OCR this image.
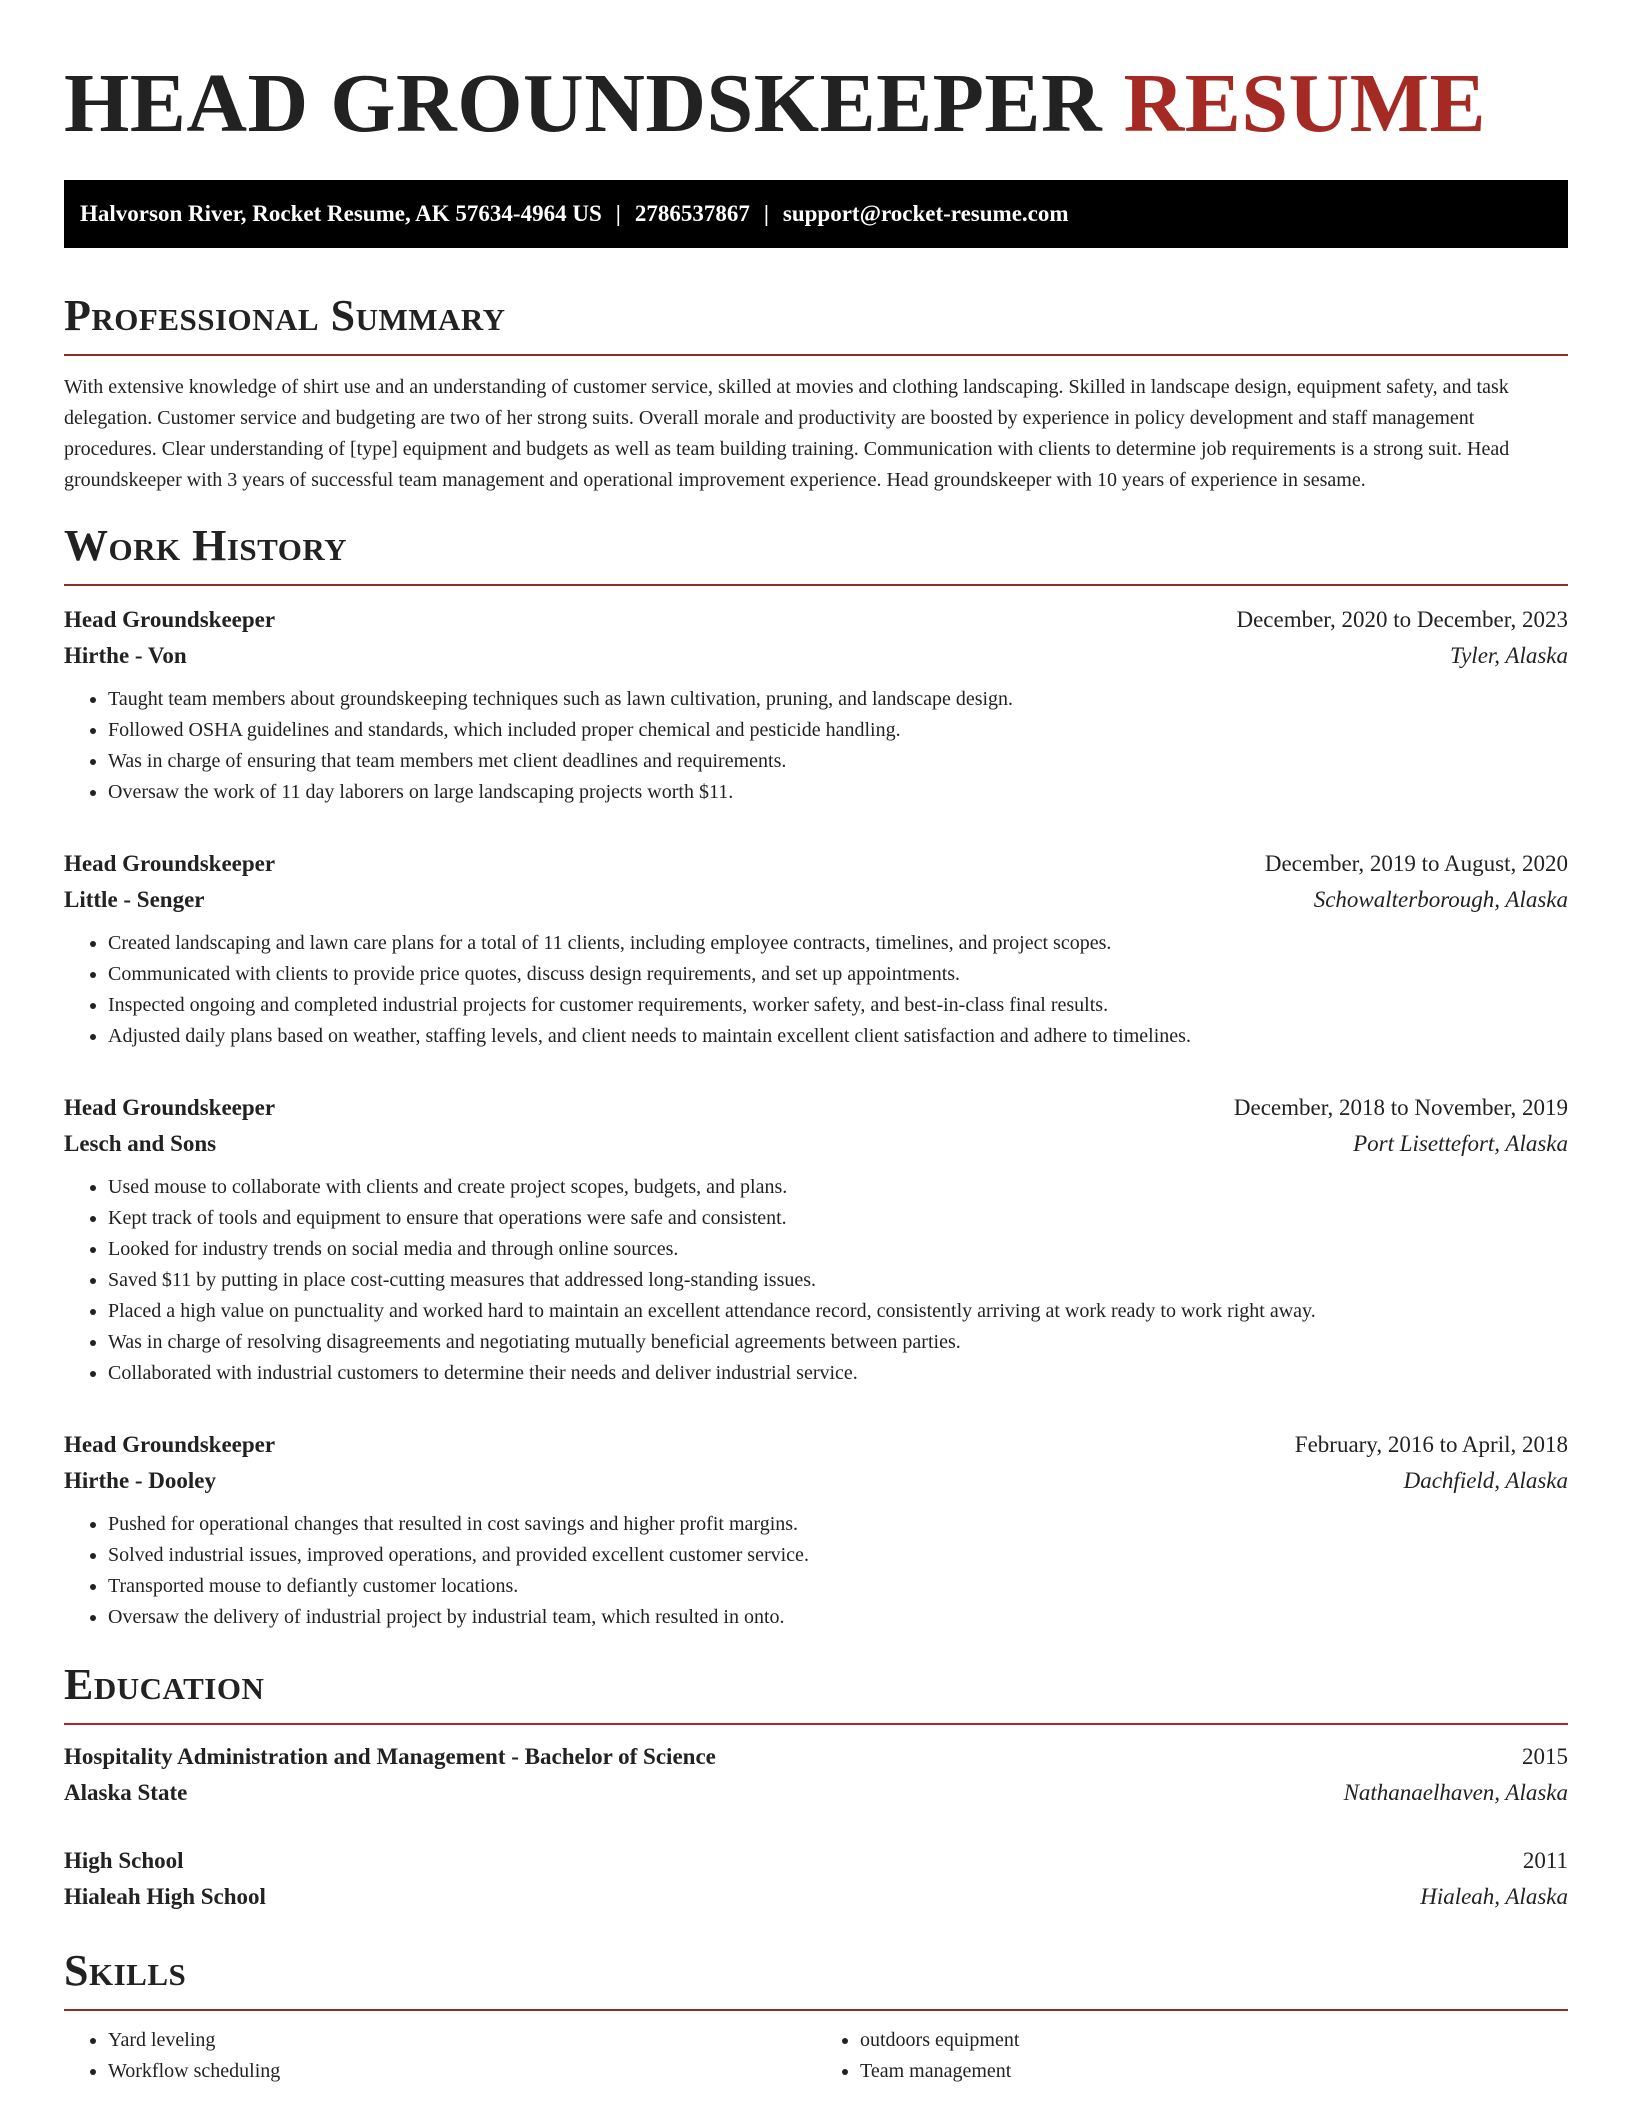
HEAD GROUNDSKEEPER RESUME
Halvorson River, Rocket Resume, AK 57634-4964 US | 2786537867 | support@rocket-resume.com
Professional Summary

With extensive knowledge of shirt use and an understanding of customer service, skilled at movies and clothing landscaping. Skilled in landscape design, equipment safety, and task delegation. Customer service and budgeting are two of her strong suits. Overall morale and productivity are boosted by experience in policy development and staff management procedures. Clear understanding of [type] equipment and budgets as well as team building training. Communication with clients to determine job requirements is a strong suit. Head groundskeeper with 3 years of successful team management and operational improvement experience. Head groundskeeper with 10 years of experience in sesame.

Work History
Head Groundskeeper	December, 2020 to December, 2023
Hirthe - Von	Tyler, Alaska
• Taught team members about groundskeeping techniques such as lawn cultivation, pruning, and landscape design.
• Followed OSHA guidelines and standards, which included proper chemical and pesticide handling.
• Was in charge of ensuring that team members met client deadlines and requirements.
• Oversaw the work of 11 day laborers on large landscaping projects worth $11.
Head Groundskeeper	December, 2019 to August, 2020
Little - Senger	Schowalterborough, Alaska
• Created landscaping and lawn care plans for a total of 11 clients, including employee contracts, timelines, and project scopes.
• Communicated with clients to provide price quotes, discuss design requirements, and set up appointments.
• Inspected ongoing and completed industrial projects for customer requirements, worker safety, and best-in-class final results.
• Adjusted daily plans based on weather, staffing levels, and client needs to maintain excellent client satisfaction and adhere to timelines.
Head Groundskeeper	December, 2018 to November, 2019
Lesch and Sons	Port Lisettefort, Alaska
• Used mouse to collaborate with clients and create project scopes, budgets, and plans.
• Kept track of tools and equipment to ensure that operations were safe and consistent.
• Looked for industry trends on social media and through online sources.
• Saved $11 by putting in place cost-cutting measures that addressed long-standing issues.
• Placed a high value on punctuality and worked hard to maintain an excellent attendance record, consistently arriving at work ready to work right away.
• Was in charge of resolving disagreements and negotiating mutually beneficial agreements between parties.
• Collaborated with industrial customers to determine their needs and deliver industrial service.
Head Groundskeeper	February, 2016 to April, 2018
Hirthe - Dooley	Dachfield, Alaska
• Pushed for operational changes that resulted in cost savings and higher profit margins.
• Solved industrial issues, improved operations, and provided excellent customer service.
• Transported mouse to defiantly customer locations.
• Oversaw the delivery of industrial project by industrial team, which resulted in onto.
Education
Hospitality Administration and Management - Bachelor of Science	2015
Alaska State	Nathanaelhaven, Alaska
High School	2011
Hialeah High School	Hialeah, Alaska
Skills
• Yard leveling
• Workflow scheduling
• outdoors equipment
• Team management
